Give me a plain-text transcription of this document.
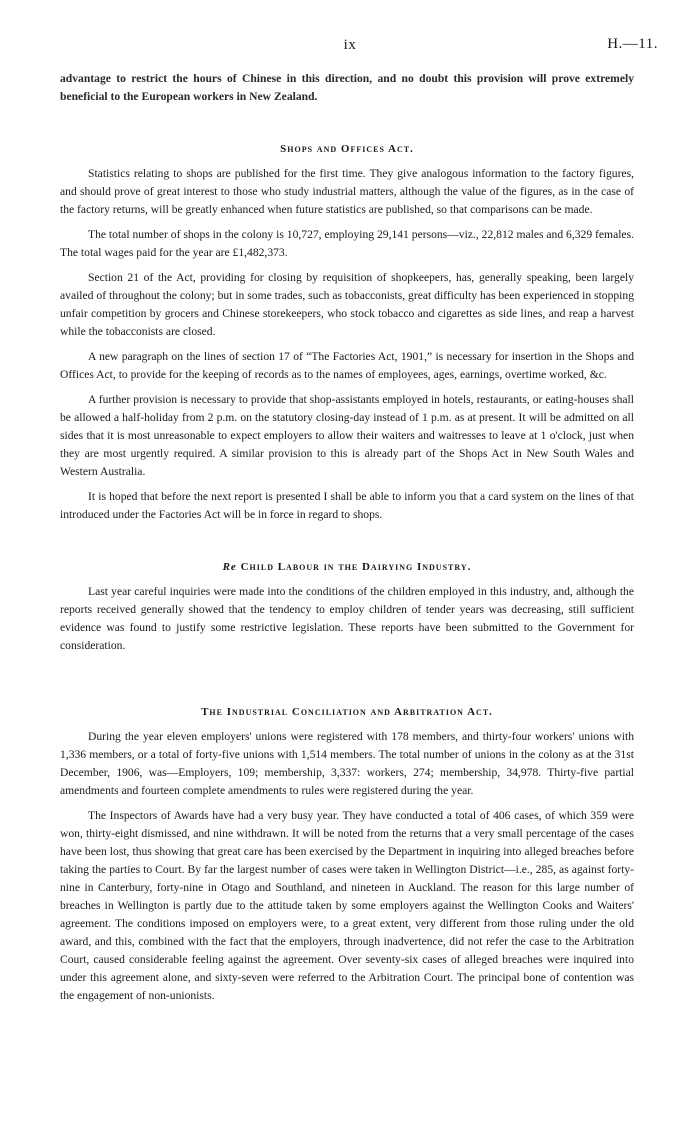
ix	H.—11.

advantage to restrict the hours of Chinese in this direction, and no doubt this provision will prove extremely beneficial to the European workers in New Zealand.

Shops and Offices Act.

Statistics relating to shops are published for the first time. They give analogous information to the factory figures, and should prove of great interest to those who study industrial matters, although the value of the figures, as in the case of the factory returns, will be greatly enhanced when future statistics are published, so that comparisons can be made.

The total number of shops in the colony is 10,727, employing 29,141 persons—viz., 22,812 males and 6,329 females. The total wages paid for the year are £1,482,373.

Section 21 of the Act, providing for closing by requisition of shopkeepers, has, generally speaking, been largely availed of throughout the colony; but in some trades, such as tobacconists, great difficulty has been experienced in stopping unfair competition by grocers and Chinese storekeepers, who stock tobacco and cigarettes as side lines, and reap a harvest while the tobacconists are closed.

A new paragraph on the lines of section 17 of “The Factories Act, 1901,” is necessary for insertion in the Shops and Offices Act, to provide for the keeping of records as to the names of employees, ages, earnings, overtime worked, &c.

A further provision is necessary to provide that shop-assistants employed in hotels, restaurants, or eating-houses shall be allowed a half-holiday from 2 p.m. on the statutory closing-day instead of 1 p.m. as at present. It will be admitted on all sides that it is most unreasonable to expect employers to allow their waiters and waitresses to leave at 1 o'clock, just when they are most urgently required. A similar provision to this is already part of the Shops Act in New South Wales and Western Australia.

It is hoped that before the next report is presented I shall be able to inform you that a card system on the lines of that introduced under the Factories Act will be in force in regard to shops.

Re Child Labour in the Dairying Industry.

Last year careful inquiries were made into the conditions of the children employed in this industry, and, although the reports received generally showed that the tendency to employ children of tender years was decreasing, still sufficient evidence was found to justify some restrictive legislation. These reports have been submitted to the Government for consideration.

The Industrial Conciliation and Arbitration Act.

During the year eleven employers' unions were registered with 178 members, and thirty-four workers' unions with 1,336 members, or a total of forty-five unions with 1,514 members. The total number of unions in the colony as at the 31st December, 1906, was—Employers, 109; membership, 3,337: workers, 274; membership, 34,978. Thirty-five partial amendments and fourteen complete amendments to rules were registered during the year.

The Inspectors of Awards have had a very busy year. They have conducted a total of 406 cases, of which 359 were won, thirty-eight dismissed, and nine withdrawn. It will be noted from the returns that a very small percentage of the cases have been lost, thus showing that great care has been exercised by the Department in inquiring into alleged breaches before taking the parties to Court. By far the largest number of cases were taken in Wellington District—i.e., 285, as against forty-nine in Canterbury, forty-nine in Otago and Southland, and nineteen in Auckland. The reason for this large number of breaches in Wellington is partly due to the attitude taken by some employers against the Wellington Cooks and Waiters' agreement. The conditions imposed on employers were, to a great extent, very different from those ruling under the old award, and this, combined with the fact that the employers, through inadvertence, did not refer the case to the Arbitration Court, caused considerable feeling against the agreement. Over seventy-six cases of alleged breaches were inquired into under this agreement alone, and sixty-seven were referred to the Arbitration Court. The principal bone of contention was the engagement of non-unionists.
